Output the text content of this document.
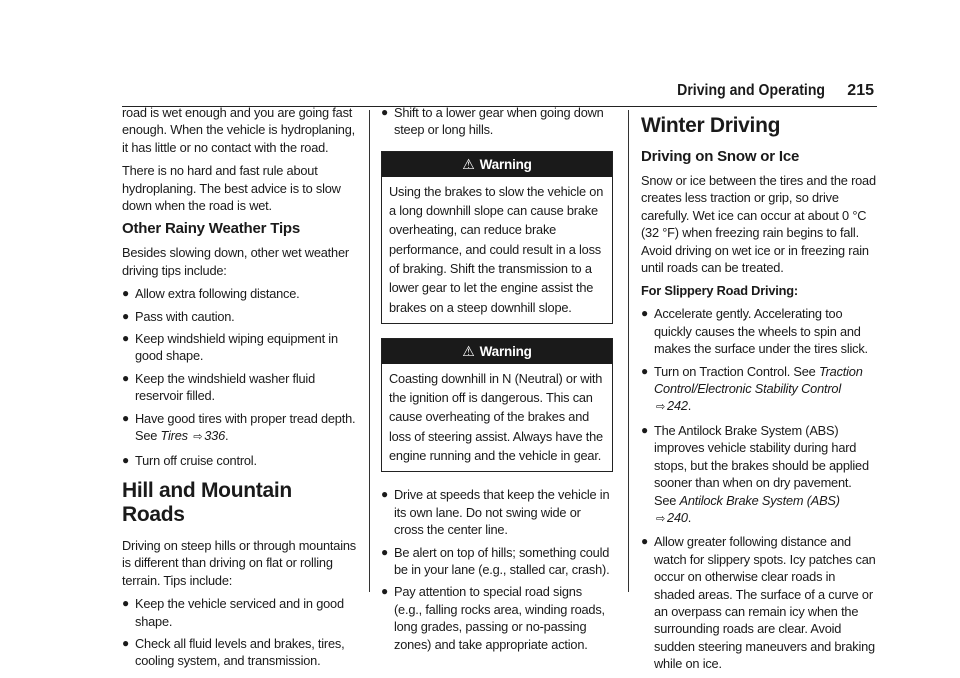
Driving and Operating 215

road is wet enough and you are going fast enough. When the vehicle is hydroplaning, it has little or no contact with the road.

There is no hard and fast rule about hydroplaning. The best advice is to slow down when the road is wet.

Other Rainy Weather Tips

Besides slowing down, other wet weather driving tips include:

● Allow extra following distance.
● Pass with caution.
● Keep windshield wiping equipment in good shape.
● Keep the windshield washer fluid reservoir filled.
● Have good tires with proper tread depth. See Tires ⇨ 336.
● Turn off cruise control.
Hill and Mountain Roads

Driving on steep hills or through mountains is different than driving on flat or rolling terrain. Tips include:

● Keep the vehicle serviced and in good shape.
● Check all fluid levels and brakes, tires, cooling system, and transmission.
● Shift to a lower gear when going down steep or long hills.
⚠ Warning
Using the brakes to slow the vehicle on a long downhill slope can cause brake overheating, can reduce brake performance, and could result in a loss of braking. Shift the transmission to a lower gear to let the engine assist the brakes on a steep downhill slope.
⚠ Warning
Coasting downhill in N (Neutral) or with the ignition off is dangerous. This can cause overheating of the brakes and loss of steering assist. Always have the engine running and the vehicle in gear.
● Drive at speeds that keep the vehicle in its own lane. Do not swing wide or cross the center line.
● Be alert on top of hills; something could be in your lane (e.g., stalled car, crash).
● Pay attention to special road signs (e.g., falling rocks area, winding roads, long grades, passing or no-passing zones) and take appropriate action.
Winter Driving
Driving on Snow or Ice

Snow or ice between the tires and the road creates less traction or grip, so drive carefully. Wet ice can occur at about 0 °C (32 °F) when freezing rain begins to fall. Avoid driving on wet ice or in freezing rain until roads can be treated.

For Slippery Road Driving:
● Accelerate gently. Accelerating too quickly causes the wheels to spin and makes the surface under the tires slick.
● Turn on Traction Control. See Traction Control/Electronic Stability Control ⇨ 242.
● The Antilock Brake System (ABS) improves vehicle stability during hard stops, but the brakes should be applied sooner than when on dry pavement. See Antilock Brake System (ABS) ⇨ 240.
● Allow greater following distance and watch for slippery spots. Icy patches can occur on otherwise clear roads in shaded areas. The surface of a curve or an overpass can remain icy when the surrounding roads are clear. Avoid sudden steering maneuvers and braking while on ice.
